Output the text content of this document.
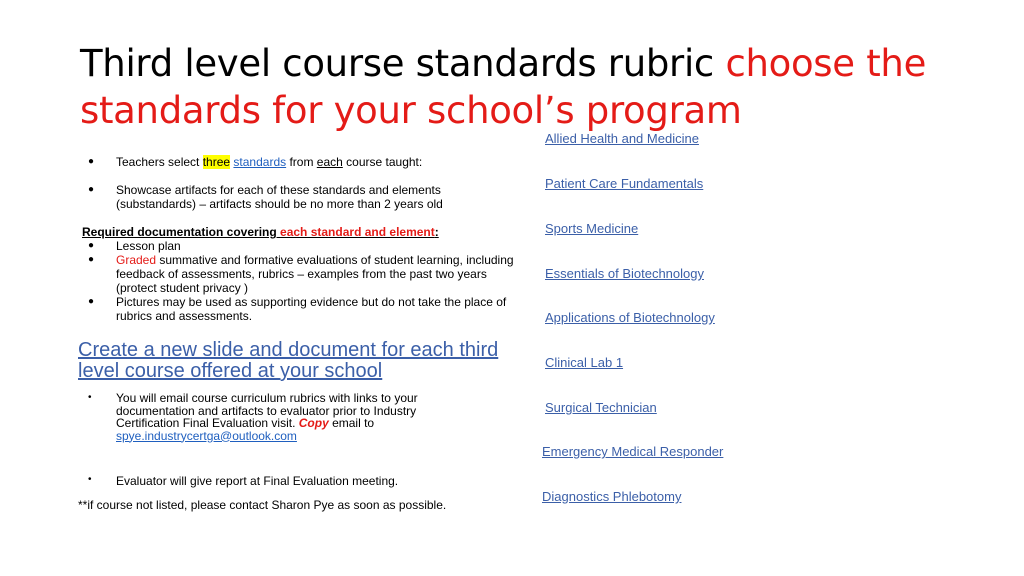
Third level course standards rubric choose the standards for your school’s program
● Teachers select three standards from each course taught:
● Showcase artifacts for each of these standards and elements (substandards) – artifacts should be no more than 2 years old
Required documentation covering each standard and element:
● Lesson plan
● Graded summative and formative evaluations of student learning, including feedback of assessments, rubrics – examples from the past two years (protect student privacy )
● Pictures may be used as supporting evidence but do not take the place of rubrics and assessments.
Create a new slide and document for each third level course offered at your school
• You will email course curriculum rubrics with links to your documentation and artifacts to evaluator prior to Industry Certification Final Evaluation visit. Copy email to
spye.industrycertga@outlook.com
• Evaluator will give report at Final Evaluation meeting.
**if course not listed, please contact Sharon Pye as soon as possible.
Allied Health and Medicine
Patient Care Fundamentals
Sports Medicine
Essentials of Biotechnology
Applications of Biotechnology
Clinical Lab 1
Surgical Technician
Emergency Medical Responder
Diagnostics Phlebotomy
